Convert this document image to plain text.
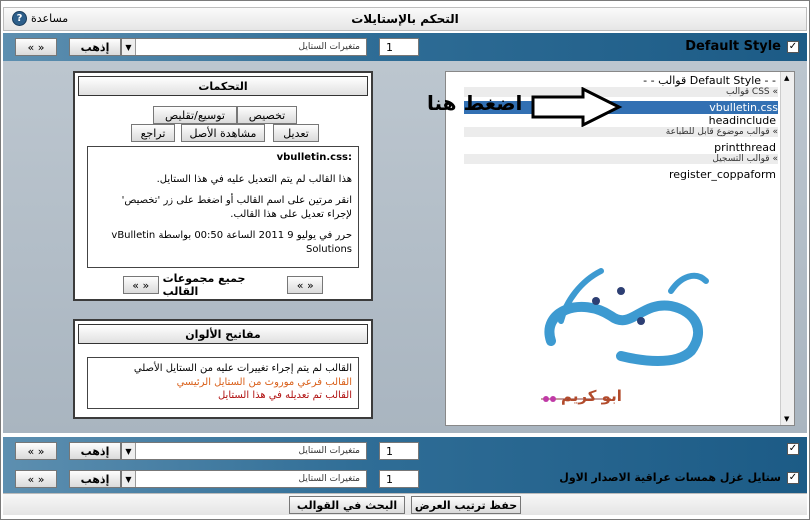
التحكم بالإستايلات
? مساعدة
« »	إذهب	▼	متغيرات الستايل	1	Default Style ✓
التحكمات
تخصيص
توسيع/تقليص
تعديل
مشاهدة الأصل
تراجع
vbulletin.css:
هذا القالب لم يتم التعديل عليه في هذا الستايل.
انقر مرتين على اسم القالب أو اضغط على زر 'تخصيص' لإجراء تعديل على هذا القالب.
حرر في يوليو 9 2011 الساعة 00:50 بواسطة vBulletin Solutions
« »	جميع مجموعات القالب	« »
مفاتيح الألوان
القالب لم يتم إجراء تغييرات عليه من الستايل الأصلي
القالب فرعي موروث من الستايل الرئيسي
القالب تم تعديله في هذا الستايل
▲
▼
- - قوالب Default Style - -
قوالب CSS «
vbulletin.css
headinclude
قوالب موضوع قابل للطباعة «
printthread
قوالب التسجيل «
register_coppaform
اضغط هنا
ابو كريم
« »	إذهب	▼	متغيرات الستايل	1	✓
« »	إذهب	▼	متغيرات الستايل	1	ستايل غزل همسات عراقية الاصدار الاول ✓
حفظ ترتيب العرض
البحث في القوالب
